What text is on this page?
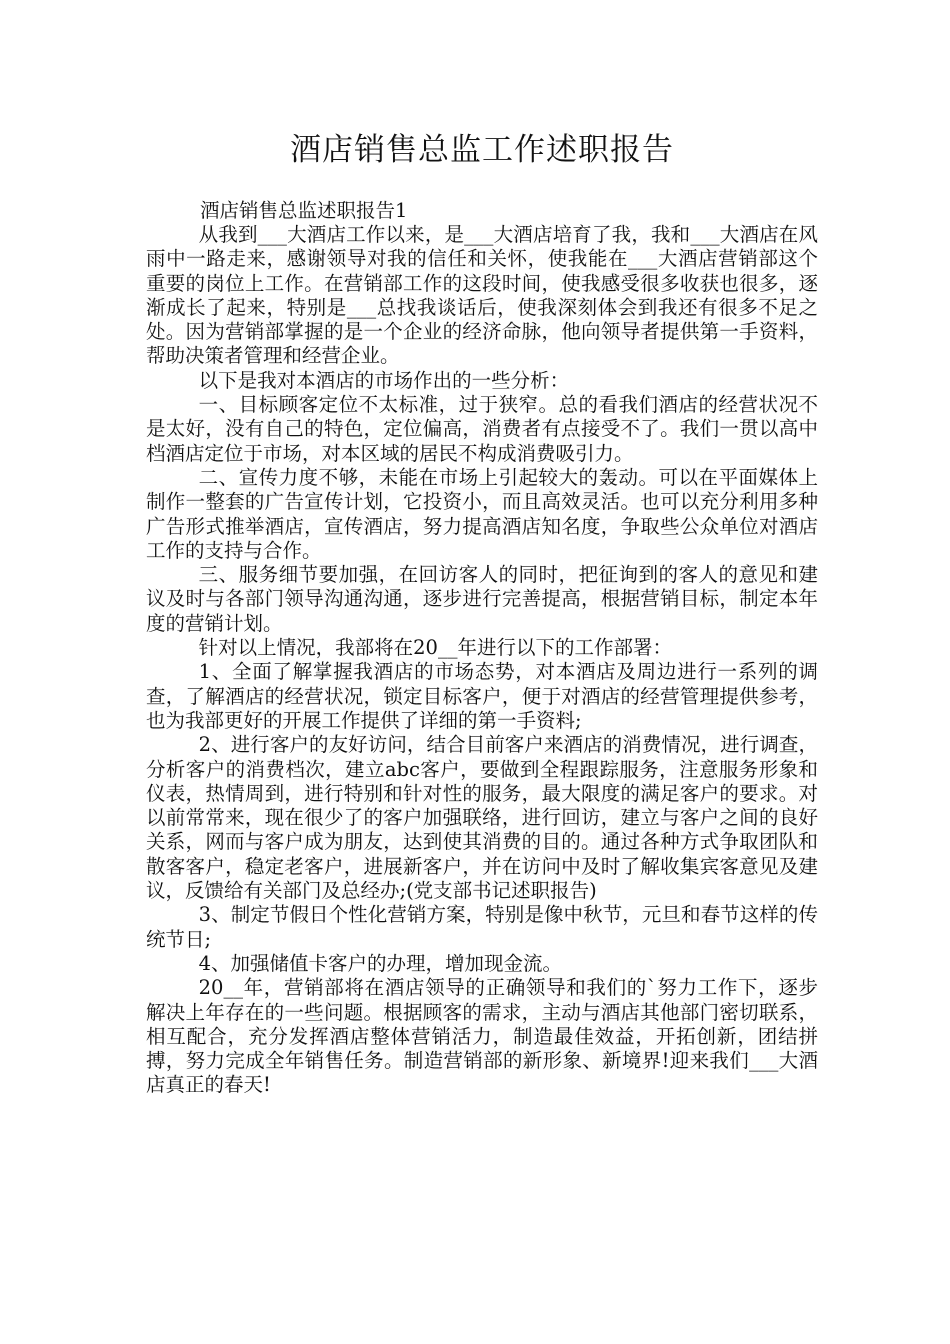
酒店销售总监工作述职报告

酒店销售总监述职报告1

从我到___大酒店工作以来，是___大酒店培育了我，我和___大酒店在风雨中一路走来，感谢领导对我的信任和关怀，使我能在___大酒店营销部这个重要的岗位上工作。在营销部工作的这段时间，使我感受很多收获也很多，逐渐成长了起来，特别是___总找我谈话后，使我深刻体会到我还有很多不足之处。因为营销部掌握的是一个企业的经济命脉，他向领导者提供第一手资料，帮助决策者管理和经营企业。

以下是我对本酒店的市场作出的一些分析：

一、目标顾客定位不太标准，过于狭窄。总的看我们酒店的经营状况不是太好，没有自己的特色，定位偏高，消费者有点接受不了。我们一贯以高中档酒店定位于市场，对本区域的居民不构成消费吸引力。

二、宣传力度不够，未能在市场上引起较大的轰动。可以在平面媒体上制作一整套的广告宣传计划，它投资小，而且高效灵活。也可以充分利用多种广告形式推举酒店，宣传酒店，努力提高酒店知名度，争取些公众单位对酒店工作的支持与合作。

三、服务细节要加强，在回访客人的同时，把征询到的客人的意见和建议及时与各部门领导沟通沟通，逐步进行完善提高，根据营销目标，制定本年度的营销计划。

针对以上情况，我部将在20__年进行以下的工作部署：

1、全面了解掌握我酒店的市场态势，对本酒店及周边进行一系列的调查，了解酒店的经营状况，锁定目标客户，便于对酒店的经营管理提供参考，也为我部更好的开展工作提供了详细的第一手资料;

2、进行客户的友好访问，结合目前客户来酒店的消费情况，进行调查，分析客户的消费档次，建立abc客户，要做到全程跟踪服务，注意服务形象和仪表，热情周到，进行特别和针对性的服务，最大限度的满足客户的要求。对以前常常来，现在很少了的客户加强联络，进行回访，建立与客户之间的良好关系，网而与客户成为朋友，达到使其消费的目的。通过各种方式争取团队和散客客户，稳定老客户，进展新客户，并在访问中及时了解收集宾客意见及建议，反馈给有关部门及总经办;(党支部书记述职报告)

3、制定节假日个性化营销方案，特别是像中秋节，元旦和春节这样的传统节日;

4、加强储值卡客户的办理，增加现金流。

20__年，营销部将在酒店领导的正确领导和我们的`努力工作下，逐步解决上年存在的一些问题。根据顾客的需求，主动与酒店其他部门密切联系，相互配合，充分发挥酒店整体营销活力，制造最佳效益，开拓创新，团结拼搏，努力完成全年销售任务。制造营销部的新形象、新境界!迎来我们___大酒店真正的春天!
